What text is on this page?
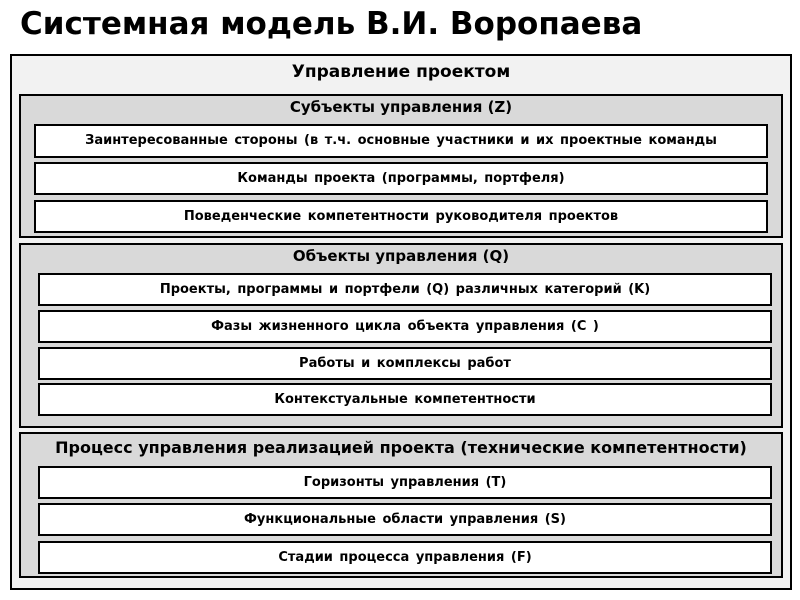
Системная модель В.И. Воропаева
Управление проектом
Субъекты управления (Z)
Заинтересованные стороны (в т.ч. основные участники и их проектные команды
Команды проекта (программы, портфеля)
Поведенческие компетентности руководителя проектов
Объекты управления (Q)
Проекты, программы и портфели (Q) различных категорий (K)
Фазы жизненного цикла объекта управления (C )
Работы и комплексы работ
Контекстуальные компетентности
Процесс управления реализацией проекта (технические компетентности)
Горизонты управления (T)
Функциональные области управления (S)
Стадии процесса управления (F)
